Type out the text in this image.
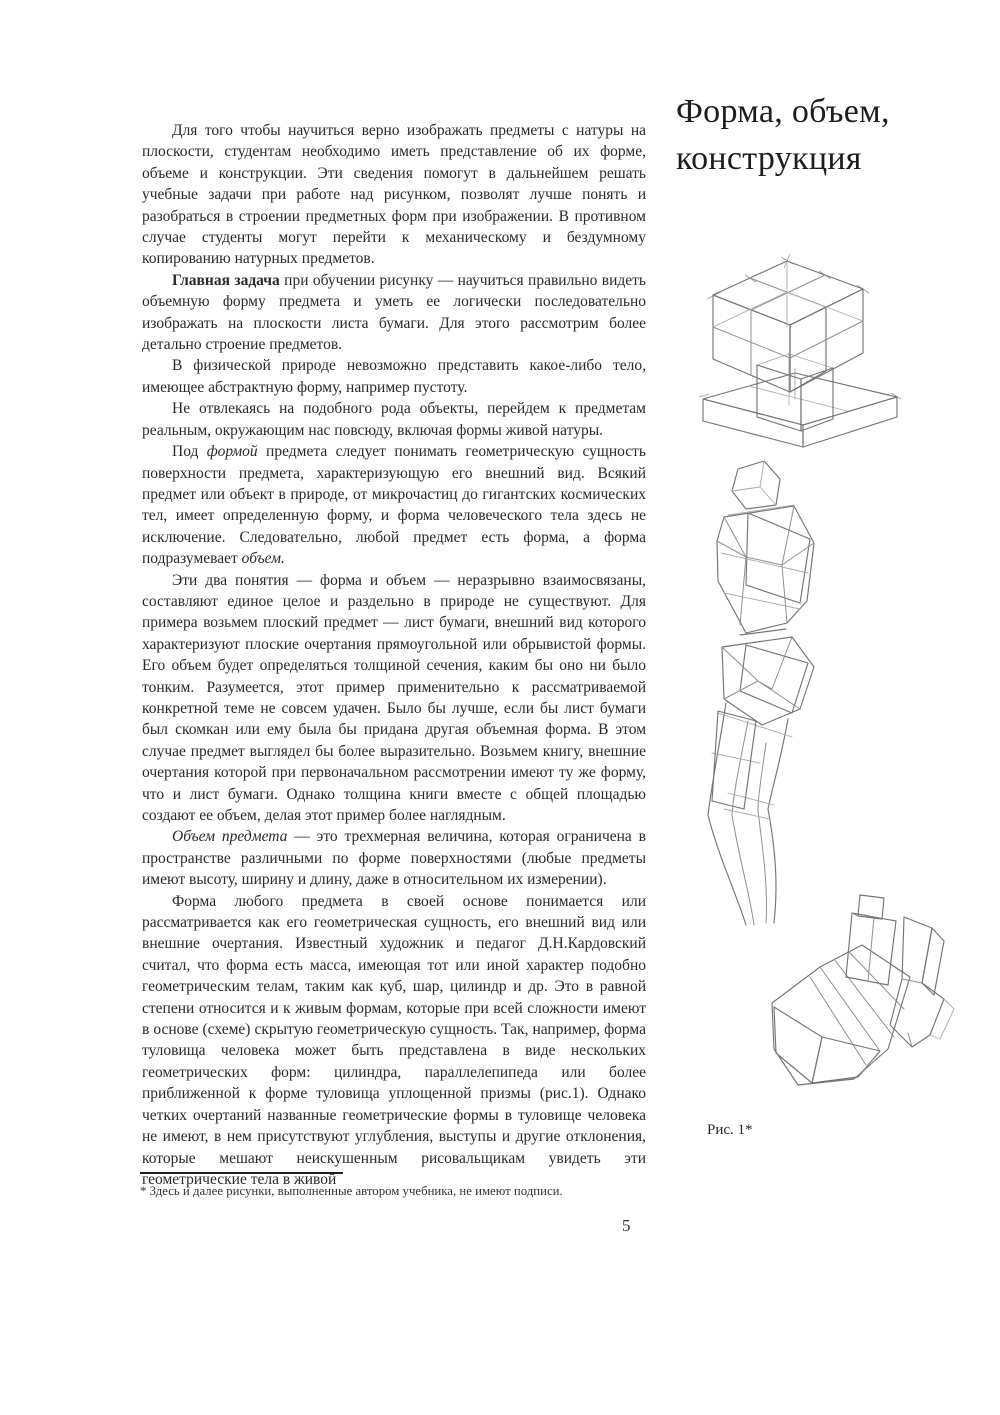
Форма, объем,
конструкция

Для того чтобы научиться верно изображать предметы с натуры на плоскости, студентам необходимо иметь представление об их форме, объеме и конструкции. Эти сведения помогут в дальнейшем решать учебные задачи при работе над рисунком, позволят лучше понять и разобраться в строении предметных форм при изображении. В противном случае студенты могут перейти к механическому и бездумному копированию натурных предметов.

Главная задача при обучении рисунку — научиться правильно видеть объемную форму предмета и уметь ее логически последовательно изображать на плоскости листа бумаги. Для этого рассмотрим более детально строение предметов.

В физической природе невозможно представить какое-либо тело, имеющее абстрактную форму, например пустоту.

Не отвлекаясь на подобного рода объекты, перейдем к предметам реальным, окружающим нас повсюду, включая формы живой натуры.

Под формой предмета следует понимать геометрическую сущность поверхности предмета, характеризующую его внешний вид. Всякий предмет или объект в природе, от микрочастиц до гигантских космических тел, имеет определенную форму, и форма человеческого тела здесь не исключение. Следовательно, любой предмет есть форма, а форма подразумевает объем.

Эти два понятия — форма и объем — неразрывно взаимосвязаны, составляют единое целое и раздельно в природе не существуют. Для примера возьмем плоский предмет — лист бумаги, внешний вид которого характеризуют плоские очертания прямоугольной или обрывистой формы. Его объем будет определяться толщиной сечения, каким бы оно ни было тонким. Разумеется, этот пример применительно к рассматриваемой конкретной теме не совсем удачен. Было бы лучше, если бы лист бумаги был скомкан или ему была бы придана другая объемная форма. В этом случае предмет выглядел бы более выразительно. Возьмем книгу, внешние очертания которой при первоначальном рассмотрении имеют ту же форму, что и лист бумаги. Однако толщина книги вместе с общей площадью создают ее объем, делая этот пример более наглядным.

Объем предмета — это трехмерная величина, которая ограничена в пространстве различными по форме поверхностями (любые предметы имеют высоту, ширину и длину, даже в относительном их измерении).

Форма любого предмета в своей основе понимается или рассматривается как его геометрическая сущность, его внешний вид или внешние очертания. Известный художник и педагог Д.Н.Кардовский считал, что форма есть масса, имеющая тот или иной характер подобно геометрическим телам, таким как куб, шар, цилиндр и др. Это в равной степени относится и к живым формам, которые при всей сложности имеют в основе (схеме) скрытую геометрическую сущность. Так, например, форма туловища человека может быть представлена в виде нескольких геометрических форм: цилиндра, параллелепипеда или более приближенной к форме туловища уплощенной призмы (рис.1). Однако четких очертаний названные геометрические формы в туловище человека не имеют, в нем присутствуют углубления, выступы и другие отклонения, которые мешают неискушенным рисовальщикам увидеть эти геометрические тела в живой

Рис. 1*
* Здесь и далее рисунки, выполненные автором учебника, не имеют подписи.
5
